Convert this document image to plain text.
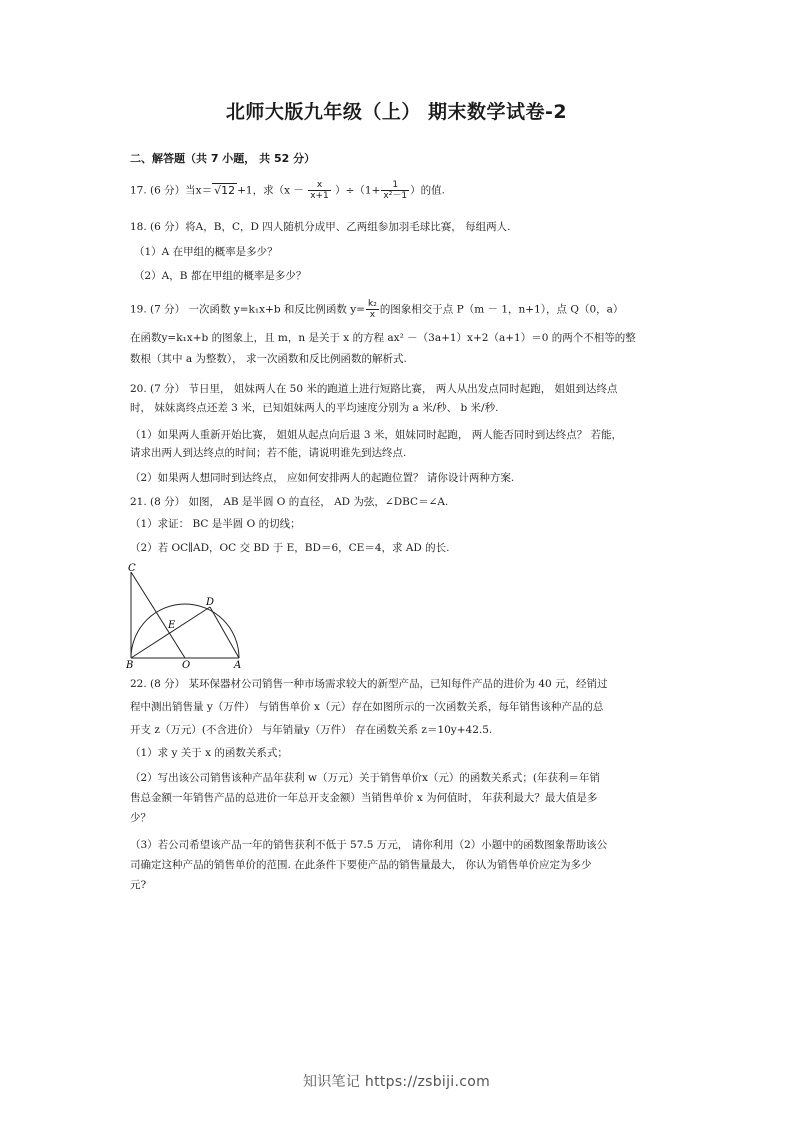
北师大版九年级（上） 期末数学试卷-2
二、解答题（共 7 小题， 共 52 分）
17. (6 分）当x＝ √12 +1，求$(x - \frac{x}{x+1} )\div(1+ \frac{1}{\text{x²－1}}$ ）的值.
18. (6 分）将A，B，C，D 四人随机分成甲、乙两组参加羽毛球比赛， 每组两人.
（1）A 在甲组的概率是多少？
（2）A，B 都在甲组的概率是多少？
19. (7 分） 一次函数 y=k₁x+b 和反比例函数 $y= \frac{\text{k₂}}{x}$ 的图象相交于点 P（m － 1，n+1），点 Q（0，a）
在函数y=k₁x+b 的图象上，且 m，n 是关于 x 的方程 ax² －（3a+1）x+2（a+1）＝0 的两个不相等的整
数根（其中 a 为整数）， 求一次函数和反比例函数的解析式.
20. (7 分） 节日里， 姐妹两人在 50 米的跑道上进行短路比赛， 两人从出发点同时起跑， 姐姐到达终点
时， 妹妹离终点还差 3 米，已知姐妹两人的平均速度分别为 a 米/秒、 b 米/秒.
（1）如果两人重新开始比赛， 姐姐从起点向后退 3 米，姐妹同时起跑， 两人能否同时到达终点？ 若能，
请求出两人到达终点的时间；若不能，请说明谁先到达终点.
（2）如果两人想同时到达终点， 应如何安排两人的起跑位置？ 请你设计两种方案.
21. (8 分） 如图， AB 是半圆 O 的直径， AD 为弦，∠DBC＝∠A.
（1）求证： BC 是半圆 O 的切线；
（2）若 OC∥AD，OC 交 BD 于 E，BD＝6，CE＝4，求 AD 的长.
C
D
E
B	O	A
22. (8 分） 某环保器材公司销售一种市场需求较大的新型产品，已知每件产品的进价为 40 元，经销过
程中测出销售量 y（万件） 与销售单价 x（元）存在如图所示的一次函数关系，每年销售该种产品的总
开支 z（万元）(不含进价） 与年销量y（万件） 存在函数关系 z＝10y+42.5.
（1）求 y 关于 x 的函数关系式；
（2）写出该公司销售该种产品年获利 w（万元）关于销售单价x（元）的函数关系式；(年获利＝年销
售总金额一年销售产品的总进价一年总开支金额）当销售单价 x 为何值时， 年获利最大？最大值是多
少？
（3）若公司希望该产品一年的销售获利不低于 57.5 万元， 请你利用（2）小题中的函数图象帮助该公
司确定这种产品的销售单价的范围. 在此条件下要使产品的销售量最大， 你认为销售单价应定为多少
元?
知识笔记 https://zsbiji.com
